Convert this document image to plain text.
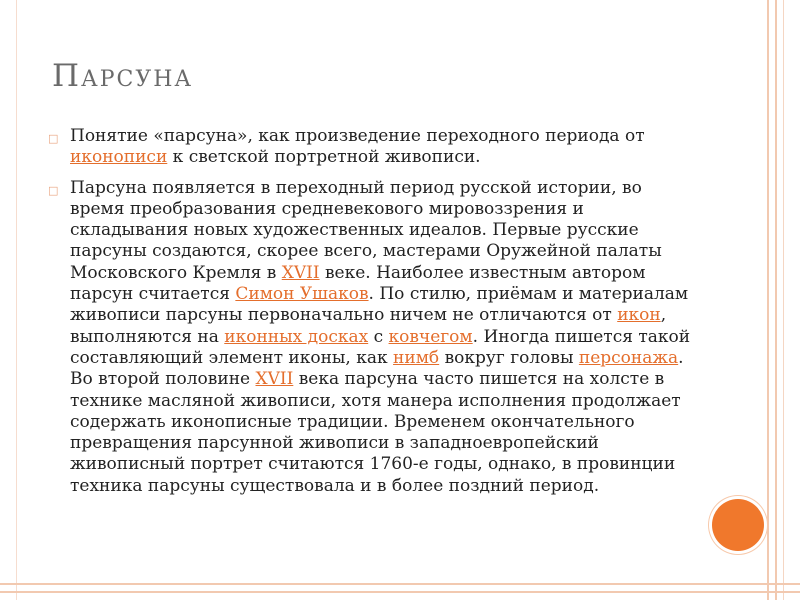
Парсуна
□ Понятие «парсуна», как произведение переходного периода от иконописи к светской портретной живописи.
□ Парсуна появляется в переходный период русской истории, во время преобразования средневекового мировоззрения и складывания новых художественных идеалов. Первые русские парсуны создаются, скорее всего, мастерами Оружейной палаты Московского Кремля в XVII веке. Наиболее известным автором парсун считается Симон Ушаков. По стилю, приёмам и материалам живописи парсуны первоначально ничем не отличаются от икон, выполняются на иконных досках с ковчегом. Иногда пишется такой составляющий элемент иконы, как нимб вокруг головы персонажа. Во второй половине XVII века парсуна часто пишется на холсте в технике масляной живописи, хотя манера исполнения продолжает содержать иконописные традиции. Временем окончательного превращения парсунной живописи в западноевропейский живописный портрет считаются 1760-е годы, однако, в провинции техника парсуны существовала и в более поздний период.
